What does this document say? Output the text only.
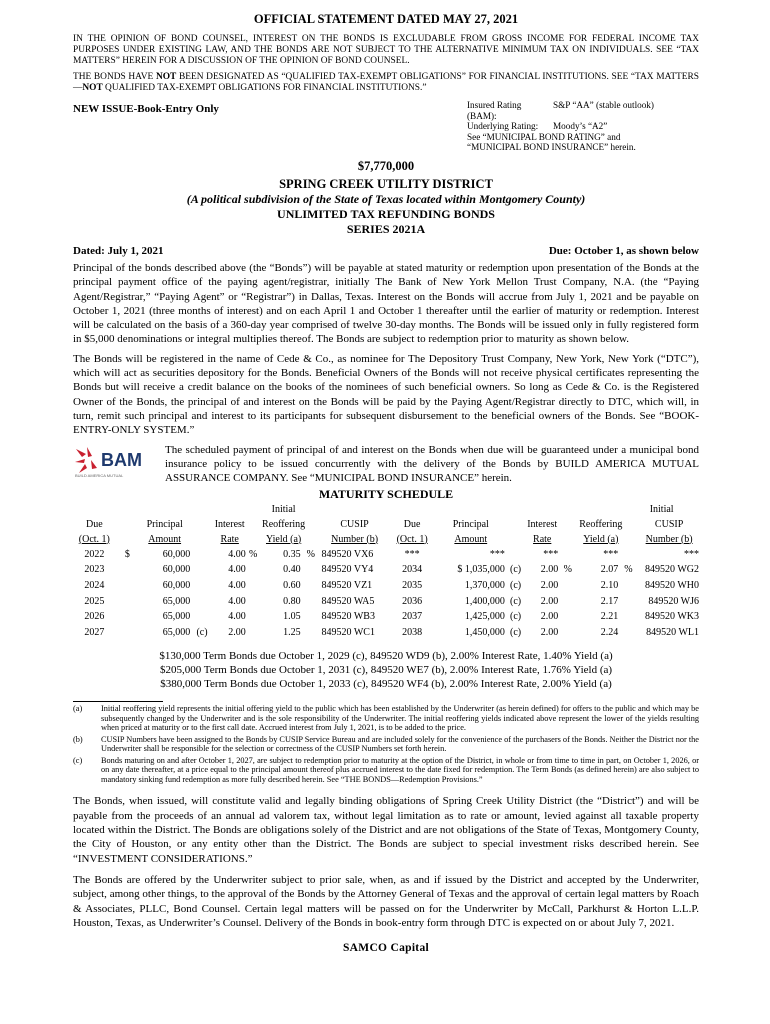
OFFICIAL STATEMENT DATED MAY 27, 2021

IN THE OPINION OF BOND COUNSEL, INTEREST ON THE BONDS IS EXCLUDABLE FROM GROSS INCOME FOR FEDERAL INCOME TAX PURPOSES UNDER EXISTING LAW, AND THE BONDS ARE NOT SUBJECT TO THE ALTERNATIVE MINIMUM TAX ON INDIVIDUALS. SEE “TAX MATTERS” HEREIN FOR A DISCUSSION OF THE OPINION OF BOND COUNSEL.

THE BONDS HAVE NOT BEEN DESIGNATED AS “QUALIFIED TAX-EXEMPT OBLIGATIONS” FOR FINANCIAL INSTITUTIONS. SEE “TAX MATTERS—NOT QUALIFIED TAX-EXEMPT OBLIGATIONS FOR FINANCIAL INSTITUTIONS.”

NEW ISSUE-Book-Entry Only	Insured Rating (BAM):
S&P “AA” (stable outlook)
Underlying Rating:	Moody’s “A2”
See “MUNICIPAL BOND RATING” and
“MUNICIPAL BOND INSURANCE” herein.

$7,770,000

SPRING CREEK UTILITY DISTRICT

(A political subdivision of the State of Texas located within Montgomery County)

UNLIMITED TAX REFUNDING BONDS

SERIES 2021A

Dated: July 1, 2021	Due: October 1, as shown below

Principal of the bonds described above (the “Bonds”) will be payable at stated maturity or redemption upon presentation of the Bonds at the principal payment office of the paying agent/registrar, initially The Bank of New York Mellon Trust Company, N.A. (the “Paying Agent/Registrar,” “Paying Agent” or “Registrar”) in Dallas, Texas. Interest on the Bonds will accrue from July 1, 2021 and be payable on October 1, 2021 (three months of interest) and on each April 1 and October 1 thereafter until the earlier of maturity or redemption. Interest will be calculated on the basis of a 360-day year comprised of twelve 30-day months. The Bonds will be issued only in fully registered form in $5,000 denominations or integral multiplies thereof. The Bonds are subject to redemption prior to maturity as shown below.

The Bonds will be registered in the name of Cede & Co., as nominee for The Depository Trust Company, New York, New York (“DTC”), which will act as securities depository for the Bonds. Beneficial Owners of the Bonds will not receive physical certificates representing the Bonds but will receive a credit balance on the books of the nominees of such beneficial owners. So long as Cede & Co. is the Registered Owner of the Bonds, the principal of and interest on the Bonds will be paid by the Paying Agent/Registrar directly to DTC, which will, in turn, remit such principal and interest to its participants for subsequent disbursement to the beneficial owners of the Bonds. See “BOOK-ENTRY-ONLY SYSTEM.”

BAM
BUILD AMERICA MUTUAL

The scheduled payment of principal of and interest on the Bonds when due will be guaranteed under a municipal bond insurance policy to be issued concurrently with the delivery of the Bonds by BUILD AMERICA MUTUAL ASSURANCE COMPANY. See “MUNICIPAL BOND INSURANCE” herein.

MATURITY SCHEDULE

						Initial									Initial	
Due		Principal		Interest		Reoffering		CUSIP	Due	Principal		Interest		Reoffering		CUSIP
(Oct. 1)		Amount		Rate		Yield (a)		Number (b)	(Oct. 1)	Amount		Rate		Yield (a)		Number (b)
2022	$	60,000		4.00	%	0.35	%	849520 VX6	***	***		***		***		***
2023		60,000		4.00		0.40		849520 VY4	2034	$ 1,035,000	(c)	2.00	%	2.07	%	849520 WG2
2024		60,000		4.00		0.60		849520 VZ1	2035	1,370,000	(c)	2.00		2.10		849520 WH0
2025		65,000		4.00		0.80		849520 WA5	2036	1,400,000	(c)	2.00		2.17		849520 WJ6
2026		65,000		4.00		1.05		849520 WB3	2037	1,425,000	(c)	2.00		2.21		849520 WK3
2027		65,000	(c)	2.00		1.25		849520 WC1	2038	1,450,000	(c)	2.00		2.24		849520 WL1
$130,000 Term Bonds due October 1, 2029 (c), 849520 WD9 (b), 2.00% Interest Rate, 1.40% Yield (a)
$205,000 Term Bonds due October 1, 2031 (c), 849520 WE7 (b), 2.00% Interest Rate, 1.76% Yield (a)
$380,000 Term Bonds due October 1, 2033 (c), 849520 WF4 (b), 2.00% Interest Rate, 2.00% Yield (a)
(a)	Initial reoffering yield represents the initial offering yield to the public which has been established by the Underwriter (as herein defined) for offers to the public and which may be subsequently changed by the Underwriter and is the sole responsibility of the Underwriter. The initial reoffering yields indicated above represent the lower of the yields resulting when priced at maturity or to the first call date. Accrued interest from July 1, 2021, is to be added to the price.
(b)	CUSIP Numbers have been assigned to the Bonds by CUSIP Service Bureau and are included solely for the convenience of the purchasers of the Bonds. Neither the District nor the Underwriter shall be responsible for the selection or correctness of the CUSIP Numbers set forth herein.
(c)	Bonds maturing on and after October 1, 2027, are subject to redemption prior to maturity at the option of the District, in whole or from time to time in part, on October 1, 2026, or on any date thereafter, at a price equal to the principal amount thereof plus accrued interest to the date fixed for redemption. The Term Bonds (as defined herein) are also subject to mandatory sinking fund redemption as more fully described herein. See “THE BONDS—Redemption Provisions.”

The Bonds, when issued, will constitute valid and legally binding obligations of Spring Creek Utility District (the “District”) and will be payable from the proceeds of an annual ad valorem tax, without legal limitation as to rate or amount, levied against all taxable property located within the District. The Bonds are obligations solely of the District and are not obligations of the State of Texas, Montgomery County, the City of Houston, or any entity other than the District. The Bonds are subject to special investment risks described herein. See “INVESTMENT CONSIDERATIONS.”

The Bonds are offered by the Underwriter subject to prior sale, when, as and if issued by the District and accepted by the Underwriter, subject, among other things, to the approval of the Bonds by the Attorney General of Texas and the approval of certain legal matters by Roach & Associates, PLLC, Bond Counsel. Certain legal matters will be passed on for the Underwriter by McCall, Parkhurst & Horton L.L.P. Houston, Texas, as Underwriter’s Counsel. Delivery of the Bonds in book-entry form through DTC is expected on or about July 7, 2021.

SAMCO Capital
